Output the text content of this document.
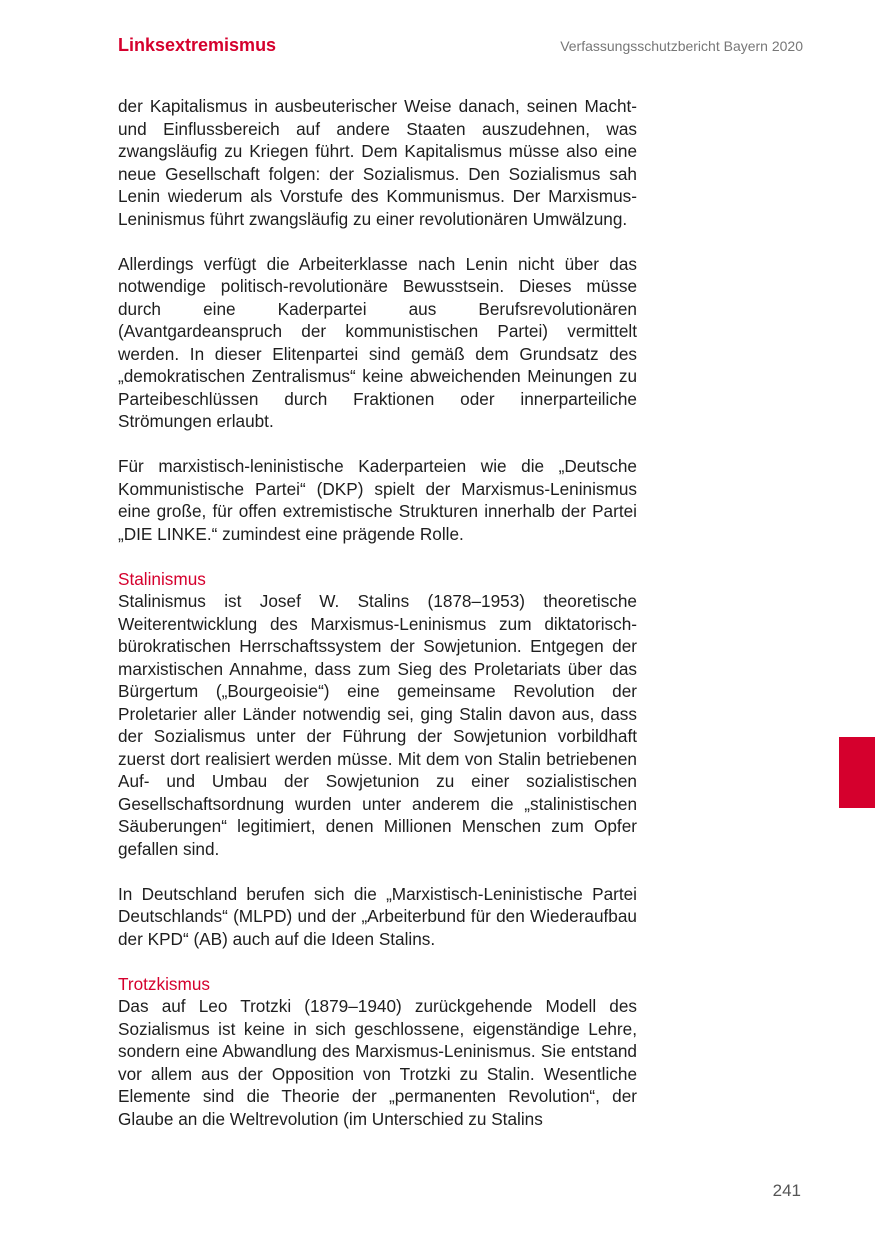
Linksextremismus	Verfassungsschutzbericht Bayern 2020

der Kapitalismus in ausbeuterischer Weise danach, seinen Macht- und Einflussbereich auf andere Staaten auszudehnen, was zwangsläufig zu Kriegen führt. Dem Kapitalismus müsse also eine neue Gesellschaft folgen: der Sozialismus. Den Sozialismus sah Lenin wiederum als Vorstufe des Kommunismus. Der Marxismus-Leninismus führt zwangsläufig zu einer revolutionären Umwälzung.

Allerdings verfügt die Arbeiterklasse nach Lenin nicht über das notwendige politisch-revolutionäre Bewusstsein. Dieses müsse durch eine Kaderpartei aus Berufsrevolutionären (Avantgardeanspruch der kommunistischen Partei) vermittelt werden. In dieser Elitenpartei sind gemäß dem Grundsatz des „demokratischen Zentralismus“ keine abweichenden Meinungen zu Parteibeschlüssen durch Fraktionen oder innerparteiliche Strömungen erlaubt.

Für marxistisch-leninistische Kaderparteien wie die „Deutsche Kommunistische Partei“ (DKP) spielt der Marxismus-Leninismus eine große, für offen extremistische Strukturen innerhalb der Partei „DIE LINKE.“ zumindest eine prägende Rolle.

Stalinismus

Stalinismus ist Josef W. Stalins (1878–1953) theoretische Weiterentwicklung des Marxismus-Leninismus zum diktatorisch-bürokratischen Herrschaftssystem der Sowjetunion. Entgegen der marxistischen Annahme, dass zum Sieg des Proletariats über das Bürgertum („Bourgeoisie“) eine gemeinsame Revolution der Proletarier aller Länder notwendig sei, ging Stalin davon aus, dass der Sozialismus unter der Führung der Sowjetunion vorbildhaft zuerst dort realisiert werden müsse. Mit dem von Stalin betriebenen Auf- und Umbau der Sowjetunion zu einer sozialistischen Gesellschaftsordnung wurden unter anderem die „stalinistischen Säuberungen“ legitimiert, denen Millionen Menschen zum Opfer gefallen sind.

In Deutschland berufen sich die „Marxistisch-Leninistische Partei Deutschlands“ (MLPD) und der „Arbeiterbund für den Wiederaufbau der KPD“ (AB) auch auf die Ideen Stalins.

Trotzkismus

Das auf Leo Trotzki (1879–1940) zurückgehende Modell des Sozialismus ist keine in sich geschlossene, eigenständige Lehre, sondern eine Abwandlung des Marxismus-Leninismus. Sie entstand vor allem aus der Opposition von Trotzki zu Stalin. Wesentliche Elemente sind die Theorie der „permanenten Revolution“, der Glaube an die Weltrevolution (im Unterschied zu Stalins

241
